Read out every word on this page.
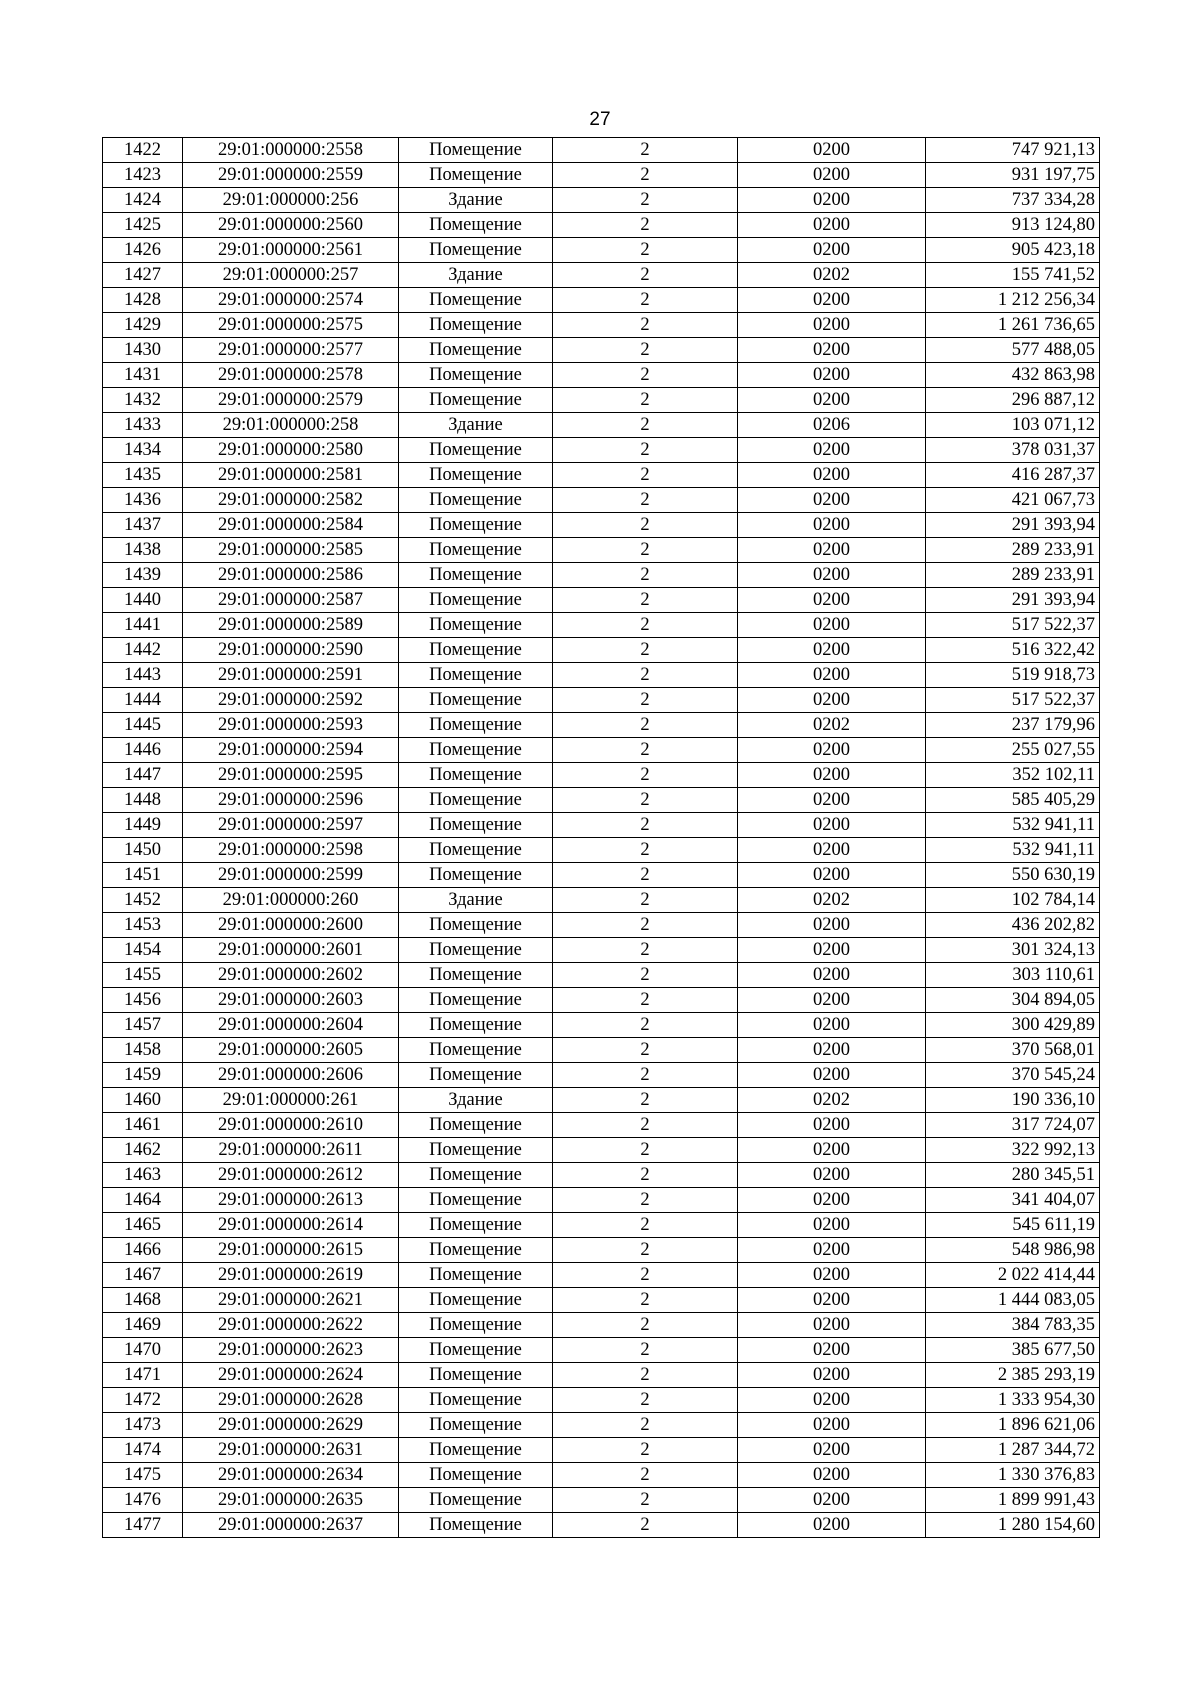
27
1422	29:01:000000:2558	Помещение	2	0200	747 921,13
1423	29:01:000000:2559	Помещение	2	0200	931 197,75
1424	29:01:000000:256	Здание	2	0200	737 334,28
1425	29:01:000000:2560	Помещение	2	0200	913 124,80
1426	29:01:000000:2561	Помещение	2	0200	905 423,18
1427	29:01:000000:257	Здание	2	0202	155 741,52
1428	29:01:000000:2574	Помещение	2	0200	1 212 256,34
1429	29:01:000000:2575	Помещение	2	0200	1 261 736,65
1430	29:01:000000:2577	Помещение	2	0200	577 488,05
1431	29:01:000000:2578	Помещение	2	0200	432 863,98
1432	29:01:000000:2579	Помещение	2	0200	296 887,12
1433	29:01:000000:258	Здание	2	0206	103 071,12
1434	29:01:000000:2580	Помещение	2	0200	378 031,37
1435	29:01:000000:2581	Помещение	2	0200	416 287,37
1436	29:01:000000:2582	Помещение	2	0200	421 067,73
1437	29:01:000000:2584	Помещение	2	0200	291 393,94
1438	29:01:000000:2585	Помещение	2	0200	289 233,91
1439	29:01:000000:2586	Помещение	2	0200	289 233,91
1440	29:01:000000:2587	Помещение	2	0200	291 393,94
1441	29:01:000000:2589	Помещение	2	0200	517 522,37
1442	29:01:000000:2590	Помещение	2	0200	516 322,42
1443	29:01:000000:2591	Помещение	2	0200	519 918,73
1444	29:01:000000:2592	Помещение	2	0200	517 522,37
1445	29:01:000000:2593	Помещение	2	0202	237 179,96
1446	29:01:000000:2594	Помещение	2	0200	255 027,55
1447	29:01:000000:2595	Помещение	2	0200	352 102,11
1448	29:01:000000:2596	Помещение	2	0200	585 405,29
1449	29:01:000000:2597	Помещение	2	0200	532 941,11
1450	29:01:000000:2598	Помещение	2	0200	532 941,11
1451	29:01:000000:2599	Помещение	2	0200	550 630,19
1452	29:01:000000:260	Здание	2	0202	102 784,14
1453	29:01:000000:2600	Помещение	2	0200	436 202,82
1454	29:01:000000:2601	Помещение	2	0200	301 324,13
1455	29:01:000000:2602	Помещение	2	0200	303 110,61
1456	29:01:000000:2603	Помещение	2	0200	304 894,05
1457	29:01:000000:2604	Помещение	2	0200	300 429,89
1458	29:01:000000:2605	Помещение	2	0200	370 568,01
1459	29:01:000000:2606	Помещение	2	0200	370 545,24
1460	29:01:000000:261	Здание	2	0202	190 336,10
1461	29:01:000000:2610	Помещение	2	0200	317 724,07
1462	29:01:000000:2611	Помещение	2	0200	322 992,13
1463	29:01:000000:2612	Помещение	2	0200	280 345,51
1464	29:01:000000:2613	Помещение	2	0200	341 404,07
1465	29:01:000000:2614	Помещение	2	0200	545 611,19
1466	29:01:000000:2615	Помещение	2	0200	548 986,98
1467	29:01:000000:2619	Помещение	2	0200	2 022 414,44
1468	29:01:000000:2621	Помещение	2	0200	1 444 083,05
1469	29:01:000000:2622	Помещение	2	0200	384 783,35
1470	29:01:000000:2623	Помещение	2	0200	385 677,50
1471	29:01:000000:2624	Помещение	2	0200	2 385 293,19
1472	29:01:000000:2628	Помещение	2	0200	1 333 954,30
1473	29:01:000000:2629	Помещение	2	0200	1 896 621,06
1474	29:01:000000:2631	Помещение	2	0200	1 287 344,72
1475	29:01:000000:2634	Помещение	2	0200	1 330 376,83
1476	29:01:000000:2635	Помещение	2	0200	1 899 991,43
1477	29:01:000000:2637	Помещение	2	0200	1 280 154,60
